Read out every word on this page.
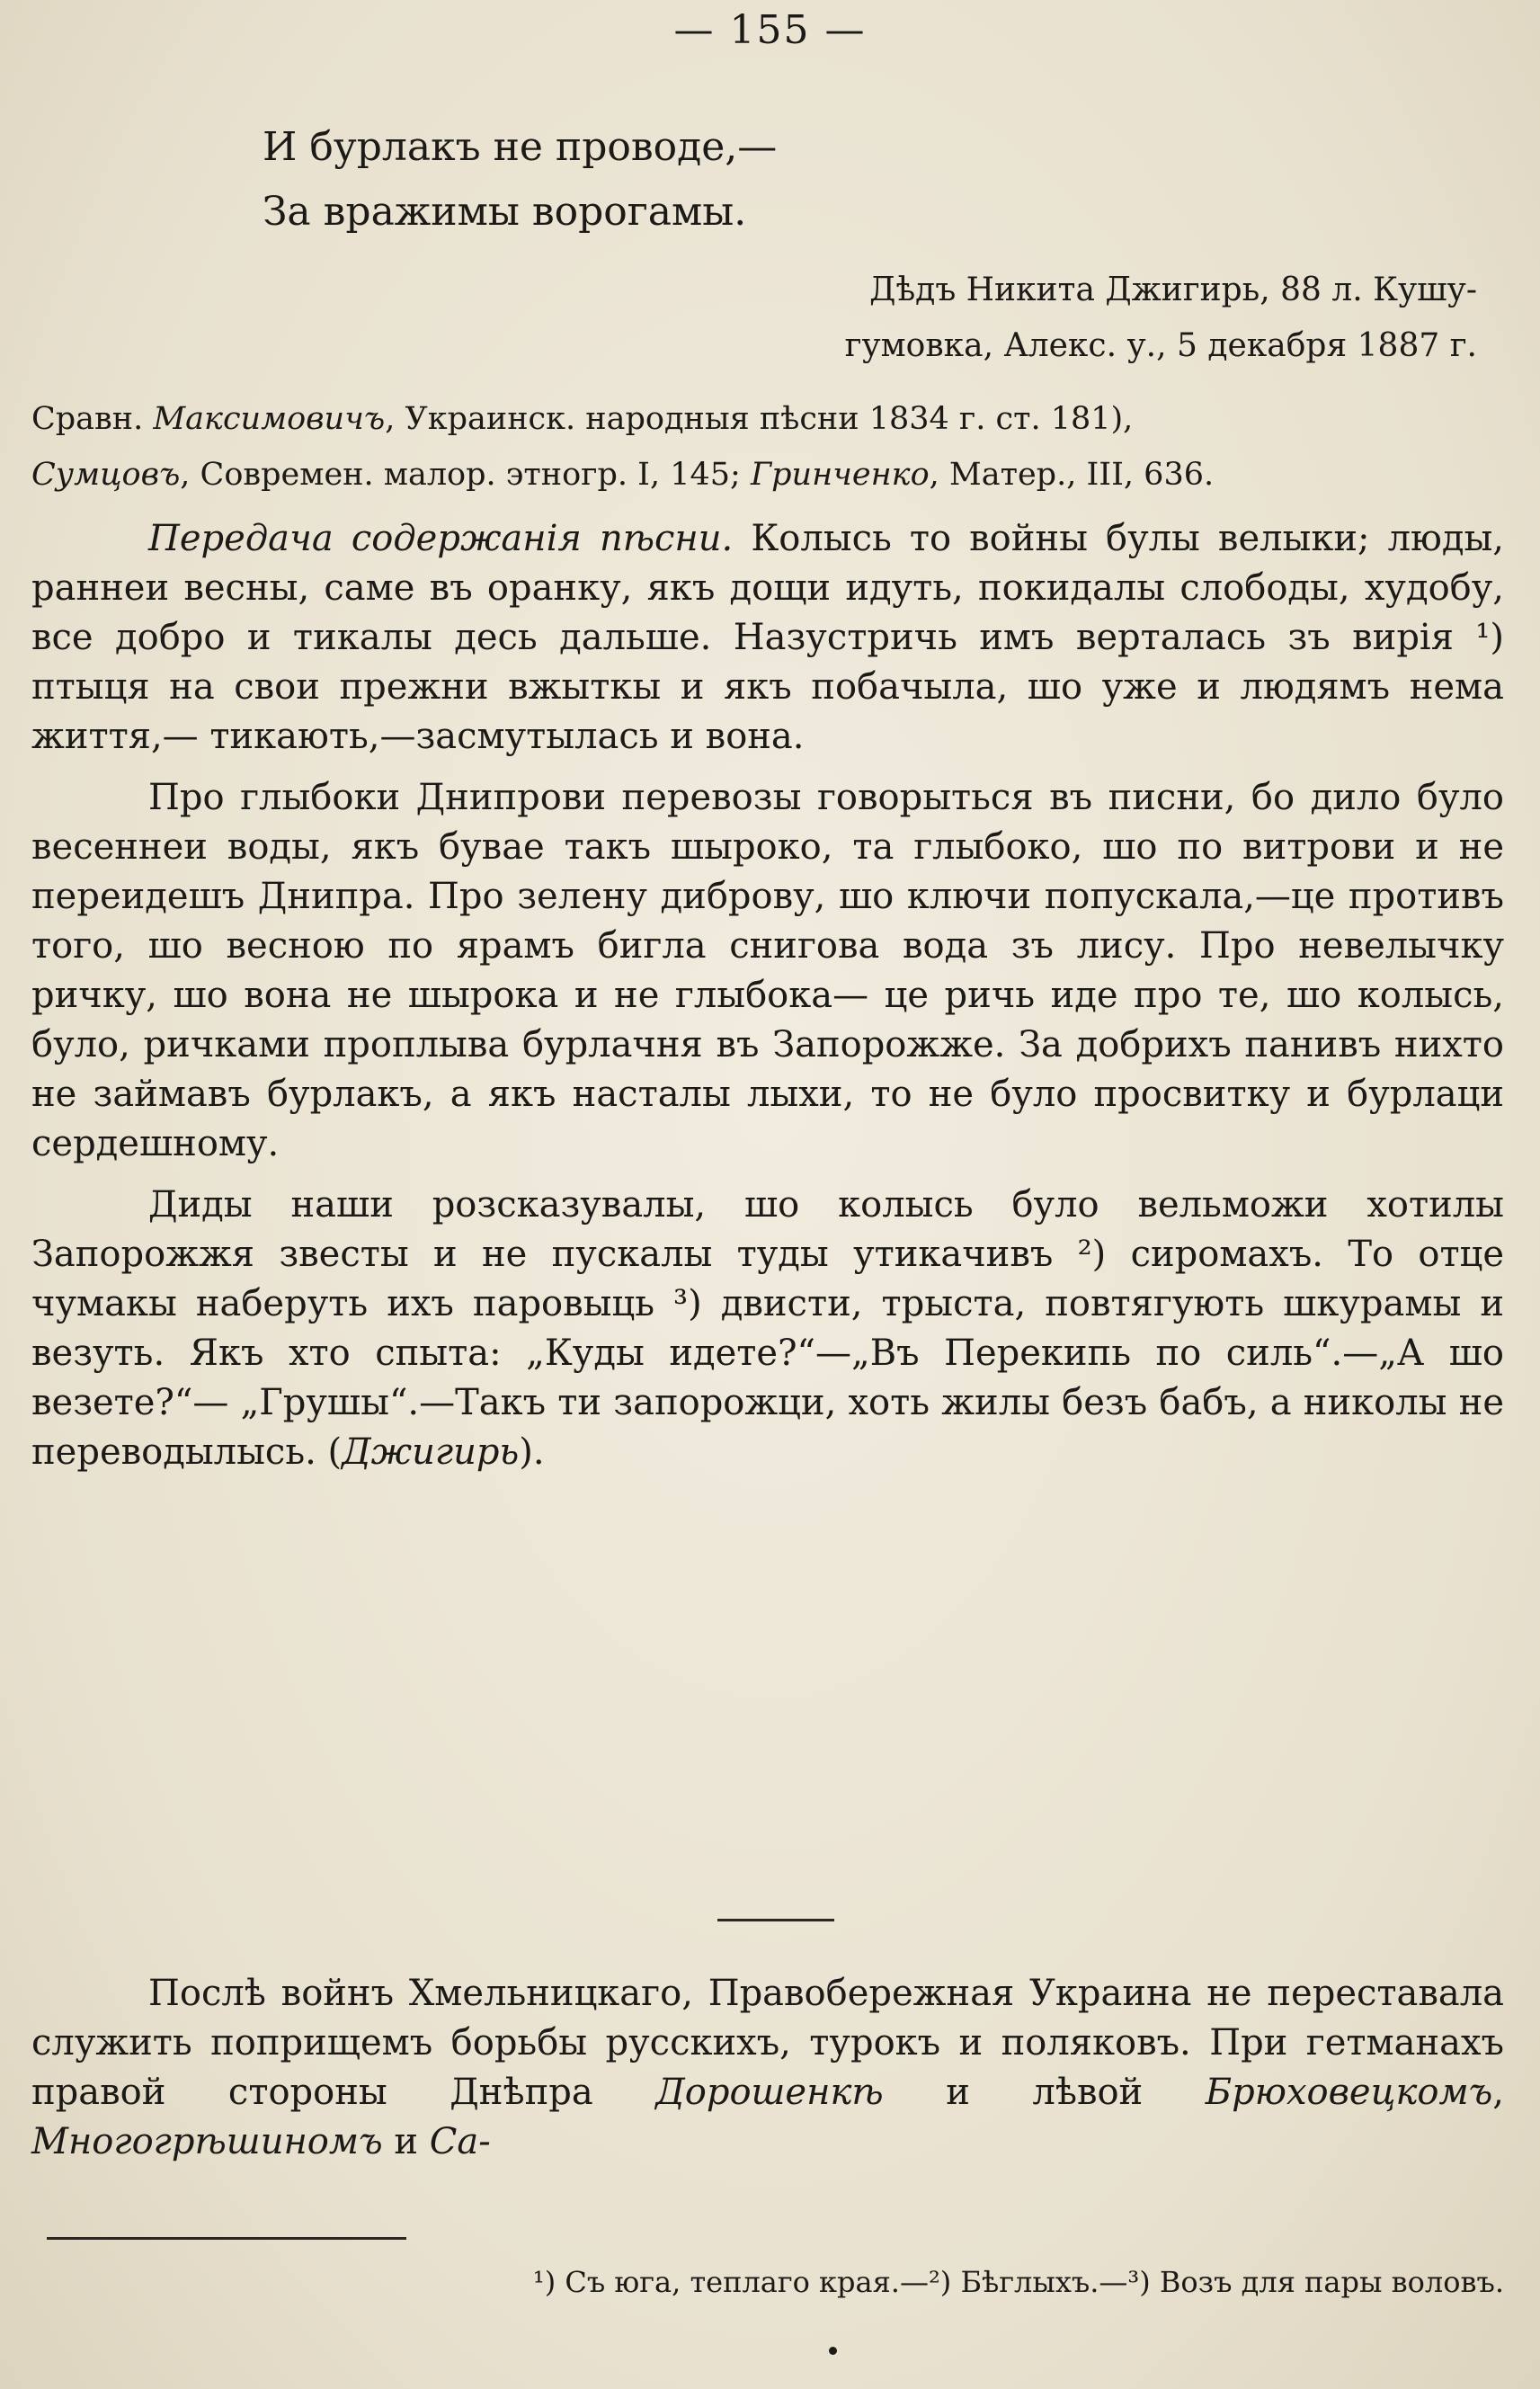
— 155 —
И бурлакъ не проводе,—
За вражимы ворогамы.
Дѣдъ Никита Джигирь, 88 л. Кушу-
гумовка, Алекс. у., 5 декабря 1887 г.
Сравн. Максимовичъ, Украинск. народныя пѣсни 1834 г. ст. 181),
Сумцовъ, Современ. малор. этногр. I, 145; Гринченко, Матер., III, 636.

Передача содержанія пѣсни. Колысь то войны булы велыки; люды, раннеи весны, саме въ оранку, якъ дощи идуть, покидалы слободы, худобу, все добро и тикалы десь дальше. Назустричь имъ верталась зъ вирія ¹) птыця на свои прежни вжыткы и якъ побачыла, шо уже и людямъ нема життя,— тикають,—засмутылась и вона.

Про глыбоки Днипрови перевозы говорыться въ писни, бо дило було весеннеи воды, якъ бувае такъ шыроко, та глыбоко, шо по витрови и не переидешъ Днипра. Про зелену диброву, шо ключи попускала,—це противъ того, шо весною по ярамъ бигла снигова вода зъ лису. Про невелычку ричку, шо вона не шырока и не глыбока— це ричь иде про те, шо колысь, було, ричками проплыва бурлачня въ Запорожже. За добрихъ панивъ нихто не займавъ бурлакъ, а якъ насталы лыхи, то не було просвитку и бурлаци сердешному.

Диды наши розсказувалы, шо колысь було вельможи хотилы Запорожжя звесты и не пускалы туды утикачивъ ²) сиромахъ. То отце чумакы наберуть ихъ паровыць ³) двисти, трыста, повтягують шкурамы и везуть. Якъ хто спыта: „Куды идете?“—„Въ Перекипь по силь“.—„А шо везете?“— „Грушы“.—Такъ ти запорожци, хоть жилы безъ бабъ, а николы не переводылысь. (Джигирь).

Послѣ войнъ Хмельницкаго, Правобережная Украина не переставала служить поприщемъ борьбы русскихъ, турокъ и поляковъ. При гетманахъ правой стороны Днѣпра Дорошенкѣ и лѣвой Брюховецкомъ, Многогрѣшиномъ и Са-

¹) Съ юга, теплаго края.—²) Бѣглыхъ.—³) Возъ для пары воловъ.
